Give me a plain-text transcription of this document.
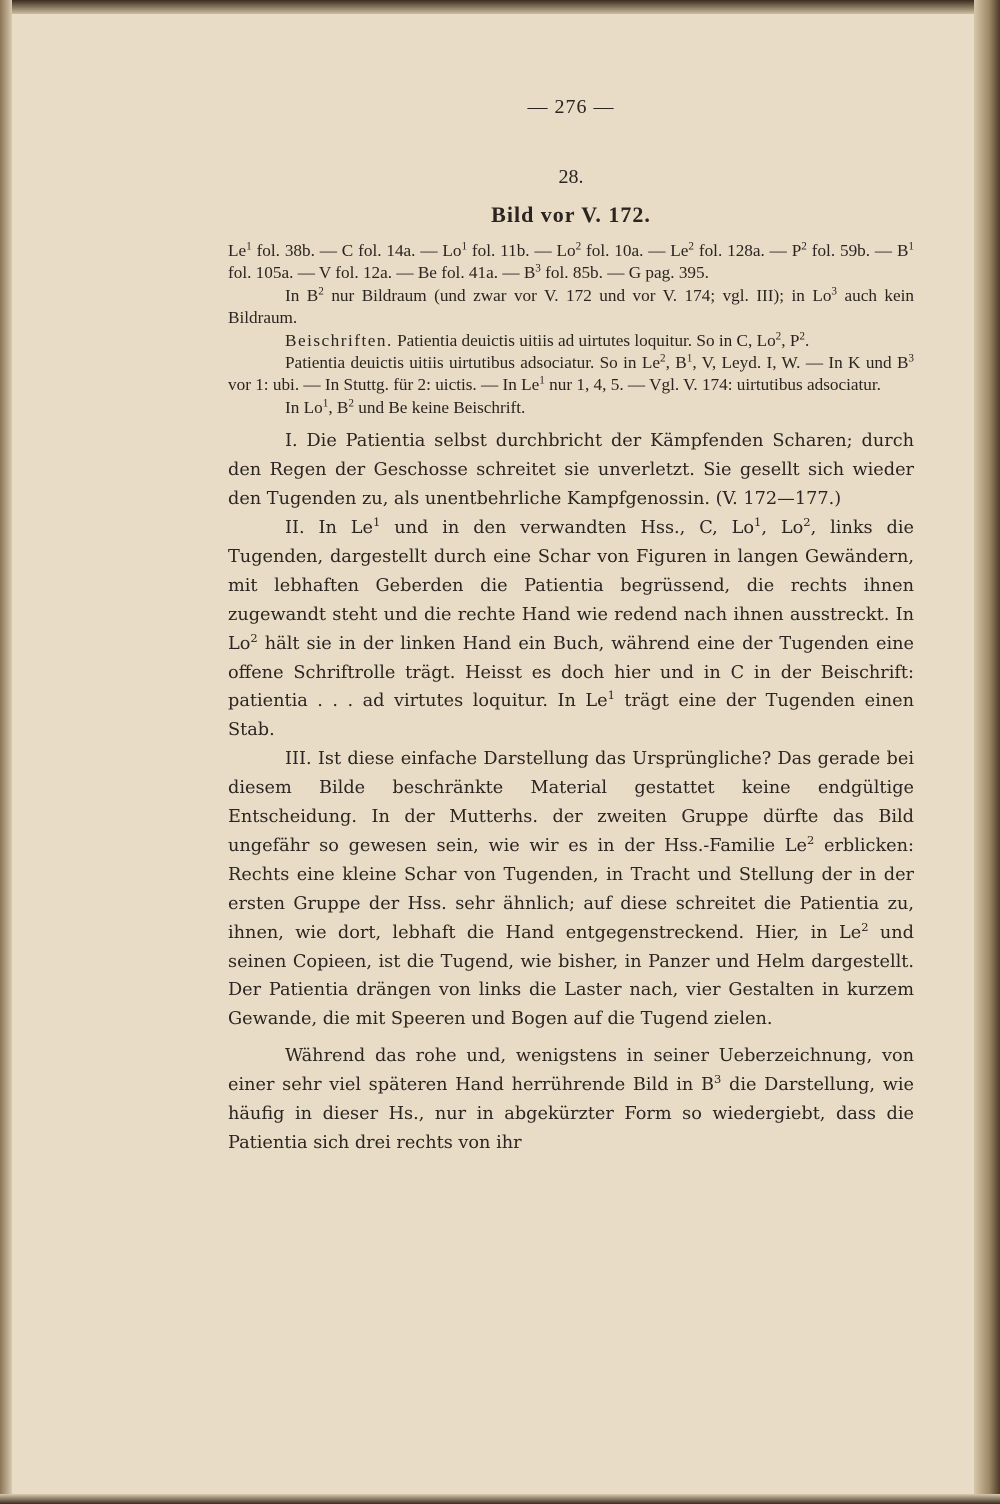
— 276 —
28.
Bild vor V. 172.

Le$^1$ fol. 38b. — C fol. 14a. — Lo$^1$ fol. 11b. — Lo$^2$ fol. 10a. — Le$^2$ fol. 128a. — $P^2$ fol. 59b. — $B^1$ fol. 105a. — V fol. 12a. — Be fol. 41a. — $B^3$ fol. 85b. — G pag. 395.

In $B^2$ nur Bildraum (und zwar vor V. 172 und vor V. 174; vgl. III); in Lo$^3$ auch kein Bildraum.

Beischriften. Patientia deuictis uitiis ad uirtutes loquitur. So in C, Lo$^2$, $P^2$.

Patientia deuictis uitiis uirtutibus adsociatur. So in Le$^2$, $B^1$, V, Leyd. I, W. — In K und $B^3$ vor 1: ubi. — In Stuttg. für 2: uictis. — In Le$^1$ nur 1, 4, 5. — Vgl. V. 174: uirtutibus adsociatur.

In Lo$^1$, $B^2$ und Be keine Beischrift.

I. Die Patientia selbst durchbricht der Kämpfenden Scharen; durch den Regen der Geschosse schreitet sie unverletzt. Sie gesellt sich wieder den Tugenden zu, als unentbehrliche Kampfgenossin. (V. 172—177.)

II. In Le$^1$ und in den verwandten Hss., C, Lo$^1$, Lo$^2$, links die Tugenden, dargestellt durch eine Schar von Figuren in langen Gewändern, mit lebhaften Geberden die Patientia begrüssend, die rechts ihnen zugewandt steht und die rechte Hand wie redend nach ihnen ausstreckt. In Lo$^2$ hält sie in der linken Hand ein Buch, während eine der Tugenden eine offene Schriftrolle trägt. Heisst es doch hier und in C in der Beischrift: patientia . . . ad virtutes loquitur. In Le$^1$ trägt eine der Tugenden einen Stab.

III. Ist diese einfache Darstellung das Ursprüngliche? Das gerade bei diesem Bilde beschränkte Material gestattet keine endgültige Entscheidung. In der Mutterhs. der zweiten Gruppe dürfte das Bild ungefähr so gewesen sein, wie wir es in der Hss.-Familie Le$^2$ erblicken: Rechts eine kleine Schar von Tugenden, in Tracht und Stellung der in der ersten Gruppe der Hss. sehr ähnlich; auf diese schreitet die Patientia zu, ihnen, wie dort, lebhaft die Hand entgegenstreckend. Hier, in Le$^2$ und seinen Copieen, ist die Tugend, wie bisher, in Panzer und Helm dargestellt. Der Patientia drängen von links die Laster nach, vier Gestalten in kurzem Gewande, die mit Speeren und Bogen auf die Tugend zielen.

Während das rohe und, wenigstens in seiner Ueberzeichnung, von einer sehr viel späteren Hand herrührende Bild in $B^3$ die Darstellung, wie häufig in dieser Hs., nur in abgekürzter Form so wiedergiebt, dass die Patientia sich drei rechts von ihr
